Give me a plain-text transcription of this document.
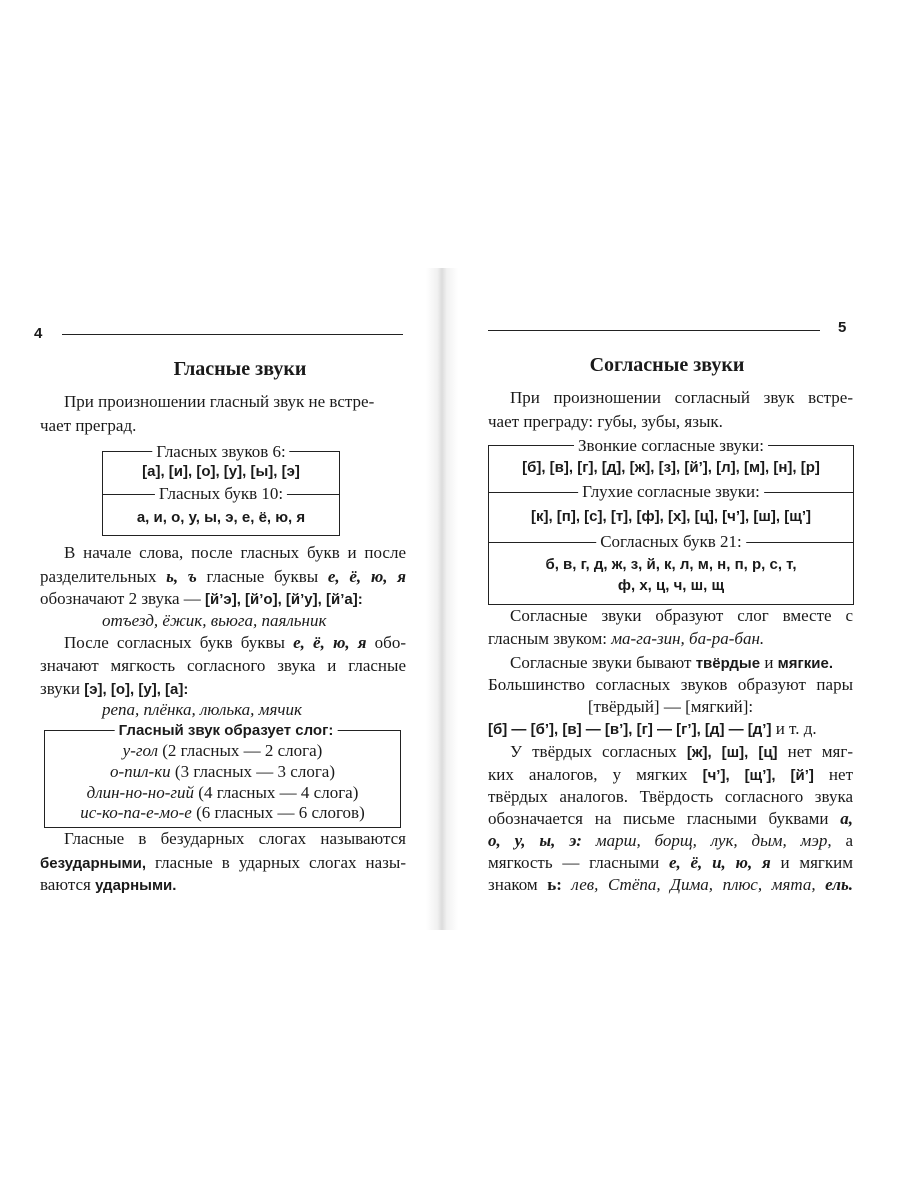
4
Гласные звуки
При произношении гласный звук не встре-
чает преград.
Гласных звуков 6:
[а], [и], [о], [у], [ы], [э]
Гласных букв 10:
а, и, о, у, ы, э, е, ё, ю, я
В начале слова, после гласных букв и после
разделительных ь, ъ гласные буквы е, ё, ю, я
обозначают 2 звука — [й’э], [й’о], [й’у], [й’а]:
отъезд, ёжик, вьюга, паяльник
После согласных букв буквы е, ё, ю, я обо-
значают мягкость согласного звука и гласные
звуки [э], [о], [у], [а]:
репа, плёнка, люлька, мячик
Гласный звук образует слог:
у-гол (2 гласных — 2 слога)
о-пил-ки (3 гласных — 3 слога)
длин-но-но-гий (4 гласных — 4 слога)
ис-ко-па-е-мо-е (6 гласных — 6 слогов)
Гласные в безударных слогах называются
безударными, гласные в ударных слогах назы-
ваются ударными.
5
Согласные звуки
При произношении согласный звук встре-
чает преграду: губы, зубы, язык.
Звонкие согласные звуки:
[б], [в], [г], [д], [ж], [з], [й’], [л], [м], [н], [р]
Глухие согласные звуки:
[к], [п], [с], [т], [ф], [х], [ц], [ч’], [ш], [щ’]
Согласных букв 21:
б, в, г, д, ж, з, й, к, л, м, н, п, р, с, т,
ф, х, ц, ч, ш, щ
Согласные звуки образуют слог вместе с
гласным звуком: ма-га-зин, ба-ра-бан.
Согласные звуки бывают твёрдые и мягкие.
Большинство согласных звуков образуют пары
[твёрдый] — [мягкий]:
[б] — [б’], [в] — [в’], [г] — [г’], [д] — [д’] и т. д.
У твёрдых согласных [ж], [ш], [ц] нет мяг-
ких аналогов, у мягких [ч’], [щ’], [й’] нет
твёрдых аналогов. Твёрдость согласного звука
обозначается на письме гласными буквами а,
о, у, ы, э: марш, борщ, лук, дым, мэр, а
мягкость — гласными е, ё, и, ю, я и мягким
знаком ь: лев, Стёпа, Дима, плюс, мята, ель.
